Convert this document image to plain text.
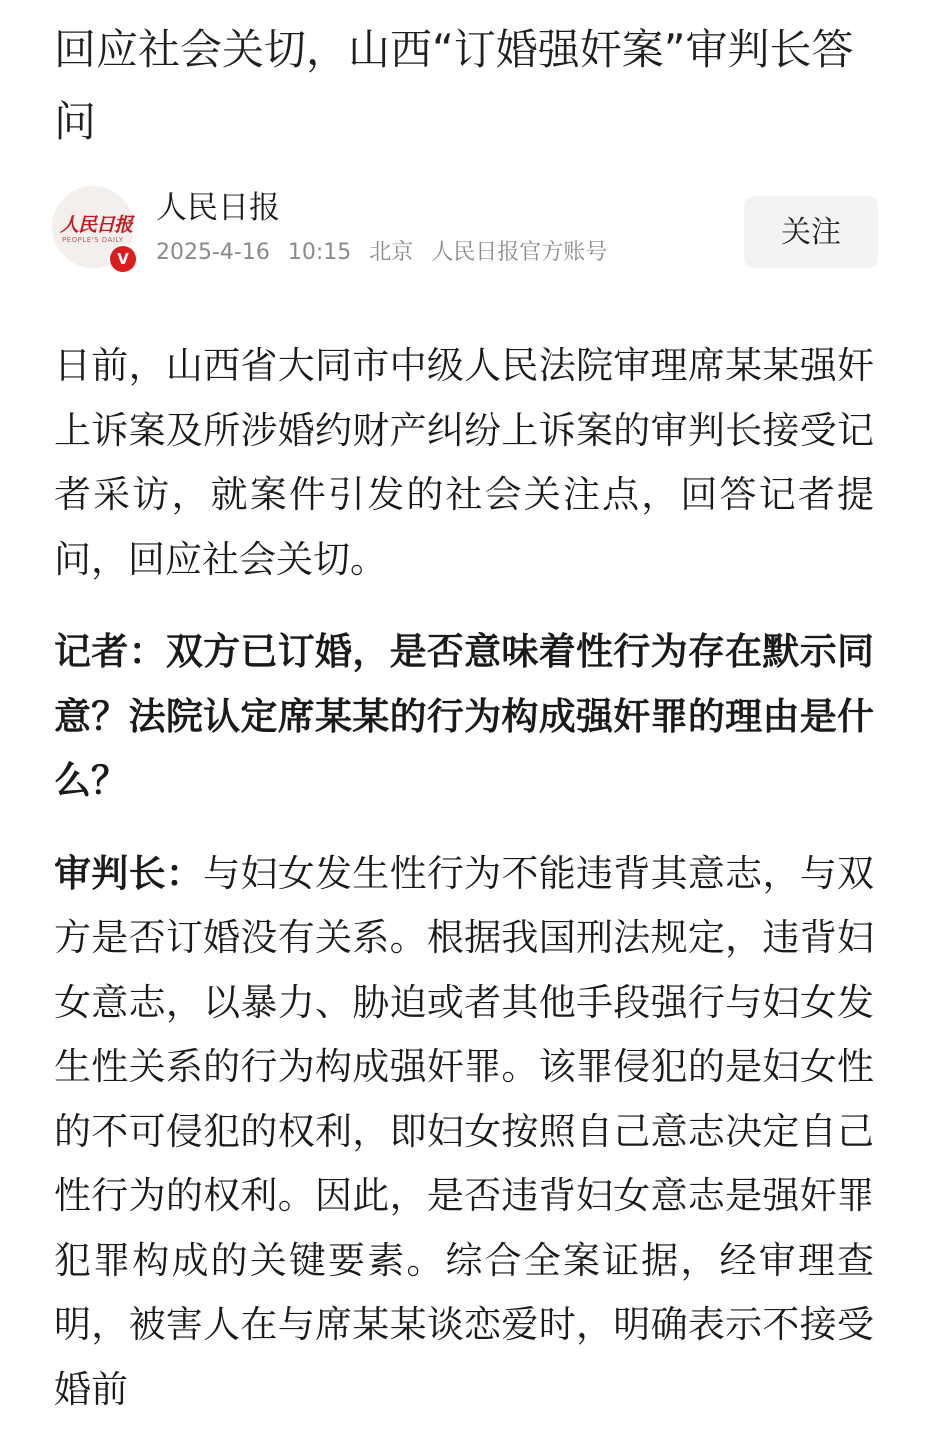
回应社会关切，山西“订婚强奸案”审判长答问
人民日报
PEOPLE'S DAILY
V
人民日报
2025-4-16 10:15 北京 人民日报官方账号
关注

日前，山西省大同市中级人民法院审理席某某强奸上诉案及所涉婚约财产纠纷上诉案的审判长接受记者采访，就案件引发的社会关注点，回答记者提问，回应社会关切。

记者：双方已订婚，是否意味着性行为存在默示同意？法院认定席某某的行为构成强奸罪的理由是什么？

审判长：与妇女发生性行为不能违背其意志，与双方是否订婚没有关系。根据我国刑法规定，违背妇女意志，以暴力、胁迫或者其他手段强行与妇女发生性关系的行为构成强奸罪。该罪侵犯的是妇女性的不可侵犯的权利，即妇女按照自己意志决定自己性行为的权利。因此，是否违背妇女意志是强奸罪犯罪构成的关键要素。综合全案证据，经审理查明，被害人在与席某某谈恋爱时，明确表示不接受婚前
